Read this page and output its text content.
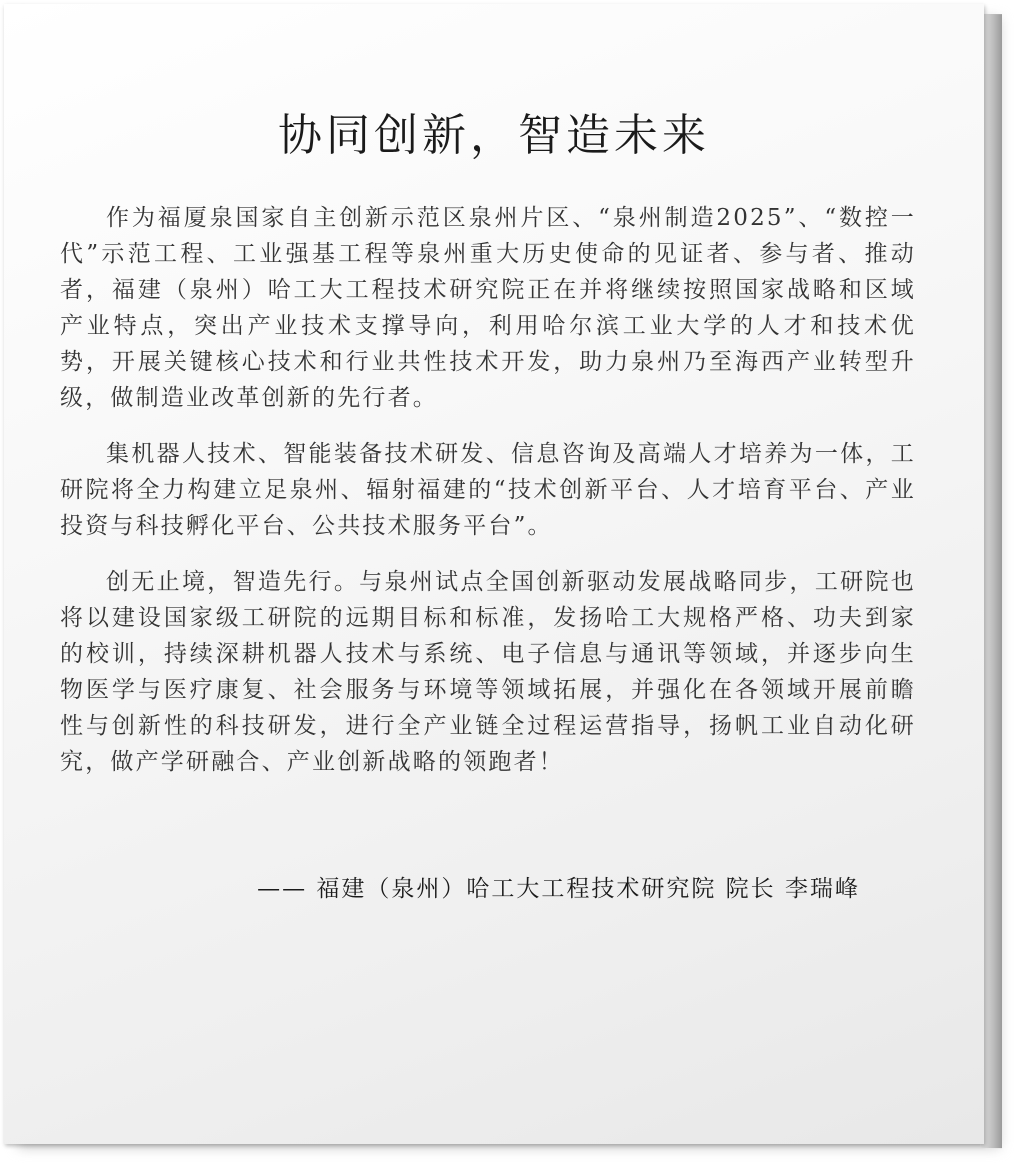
协同创新，智造未来

作为福厦泉国家自主创新示范区泉州片区、“泉州制造2025”、“数控一代”示范工程、工业强基工程等泉州重大历史使命的见证者、参与者、推动者，福建（泉州）哈工大工程技术研究院正在并将继续按照国家战略和区域产业特点，突出产业技术支撑导向，利用哈尔滨工业大学的人才和技术优势，开展关键核心技术和行业共性技术开发，助力泉州乃至海西产业转型升级，做制造业改革创新的先行者。

集机器人技术、智能装备技术研发、信息咨询及高端人才培养为一体，工研院将全力构建立足泉州、辐射福建的“技术创新平台、人才培育平台、产业投资与科技孵化平台、公共技术服务平台”。

创无止境，智造先行。与泉州试点全国创新驱动发展战略同步，工研院也将以建设国家级工研院的远期目标和标准，发扬哈工大规格严格、功夫到家的校训，持续深耕机器人技术与系统、电子信息与通讯等领域，并逐步向生物医学与医疗康复、社会服务与环境等领域拓展，并强化在各领域开展前瞻性与创新性的科技研发，进行全产业链全过程运营指导，扬帆工业自动化研究，做产学研融合、产业创新战略的领跑者！

—— 福建（泉州）哈工大工程技术研究院 院长 李瑞峰
